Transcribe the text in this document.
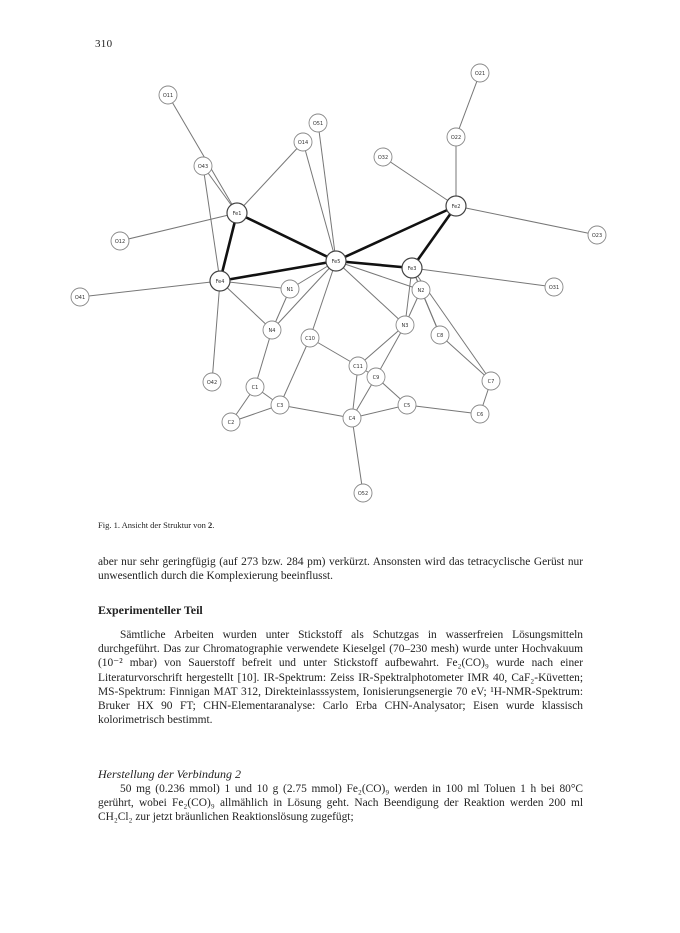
310
O11
O51
O14
O43
Fe1
O12
O32
Fe2
O21
O22
O23
Fe5
Fe4
O41
Fe3
O31
N2
N4
C10
N3
C8
C11
C9
C7
O42
C1
C3	C5
C6
C2
C4
O52
N1
Fig. 1. Ansicht der Struktur von 2.
aber nur sehr geringfügig (auf 273 bzw. 284 pm) verkürzt. Ansonsten wird das tetracyclische Gerüst nur unwesentlich durch die Komplexierung beeinflusst.
Experimenteller Teil
Sämtliche Arbeiten wurden unter Stickstoff als Schutzgas in wasserfreien Lösungsmitteln durchgeführt. Das zur Chromatographie verwendete Kieselgel (70–230 mesh) wurde unter Hochvakuum (10⁻² mbar) von Sauerstoff befreit und unter Stickstoff aufbewahrt. Fe₂(CO)₉ wurde nach einer Literaturvorschrift hergestellt [10]. IR-Spektrum: Zeiss IR-Spektralphotometer IMR 40, CaF₂-Küvetten; MS-Spektrum: Finnigan MAT 312, Direkteinlasssystem, Ionisierungsenergie 70 eV; ¹H-NMR-Spektrum: Bruker HX 90 FT; CHN-Elementaranalyse: Carlo Erba CHN-Analysator; Eisen wurde klassisch kolorimetrisch bestimmt.
Herstellung der Verbindung 2
50 mg (0.236 mmol) 1 und 10 g (2.75 mmol) Fe₂(CO)₉ werden in 100 ml Toluen 1 h bei 80°C gerührt, wobei Fe₂(CO)₉ allmählich in Lösung geht. Nach Beendigung der Reaktion werden 200 ml CH₂Cl₂ zur jetzt bräunlichen Reaktionslösung zugefügt;
